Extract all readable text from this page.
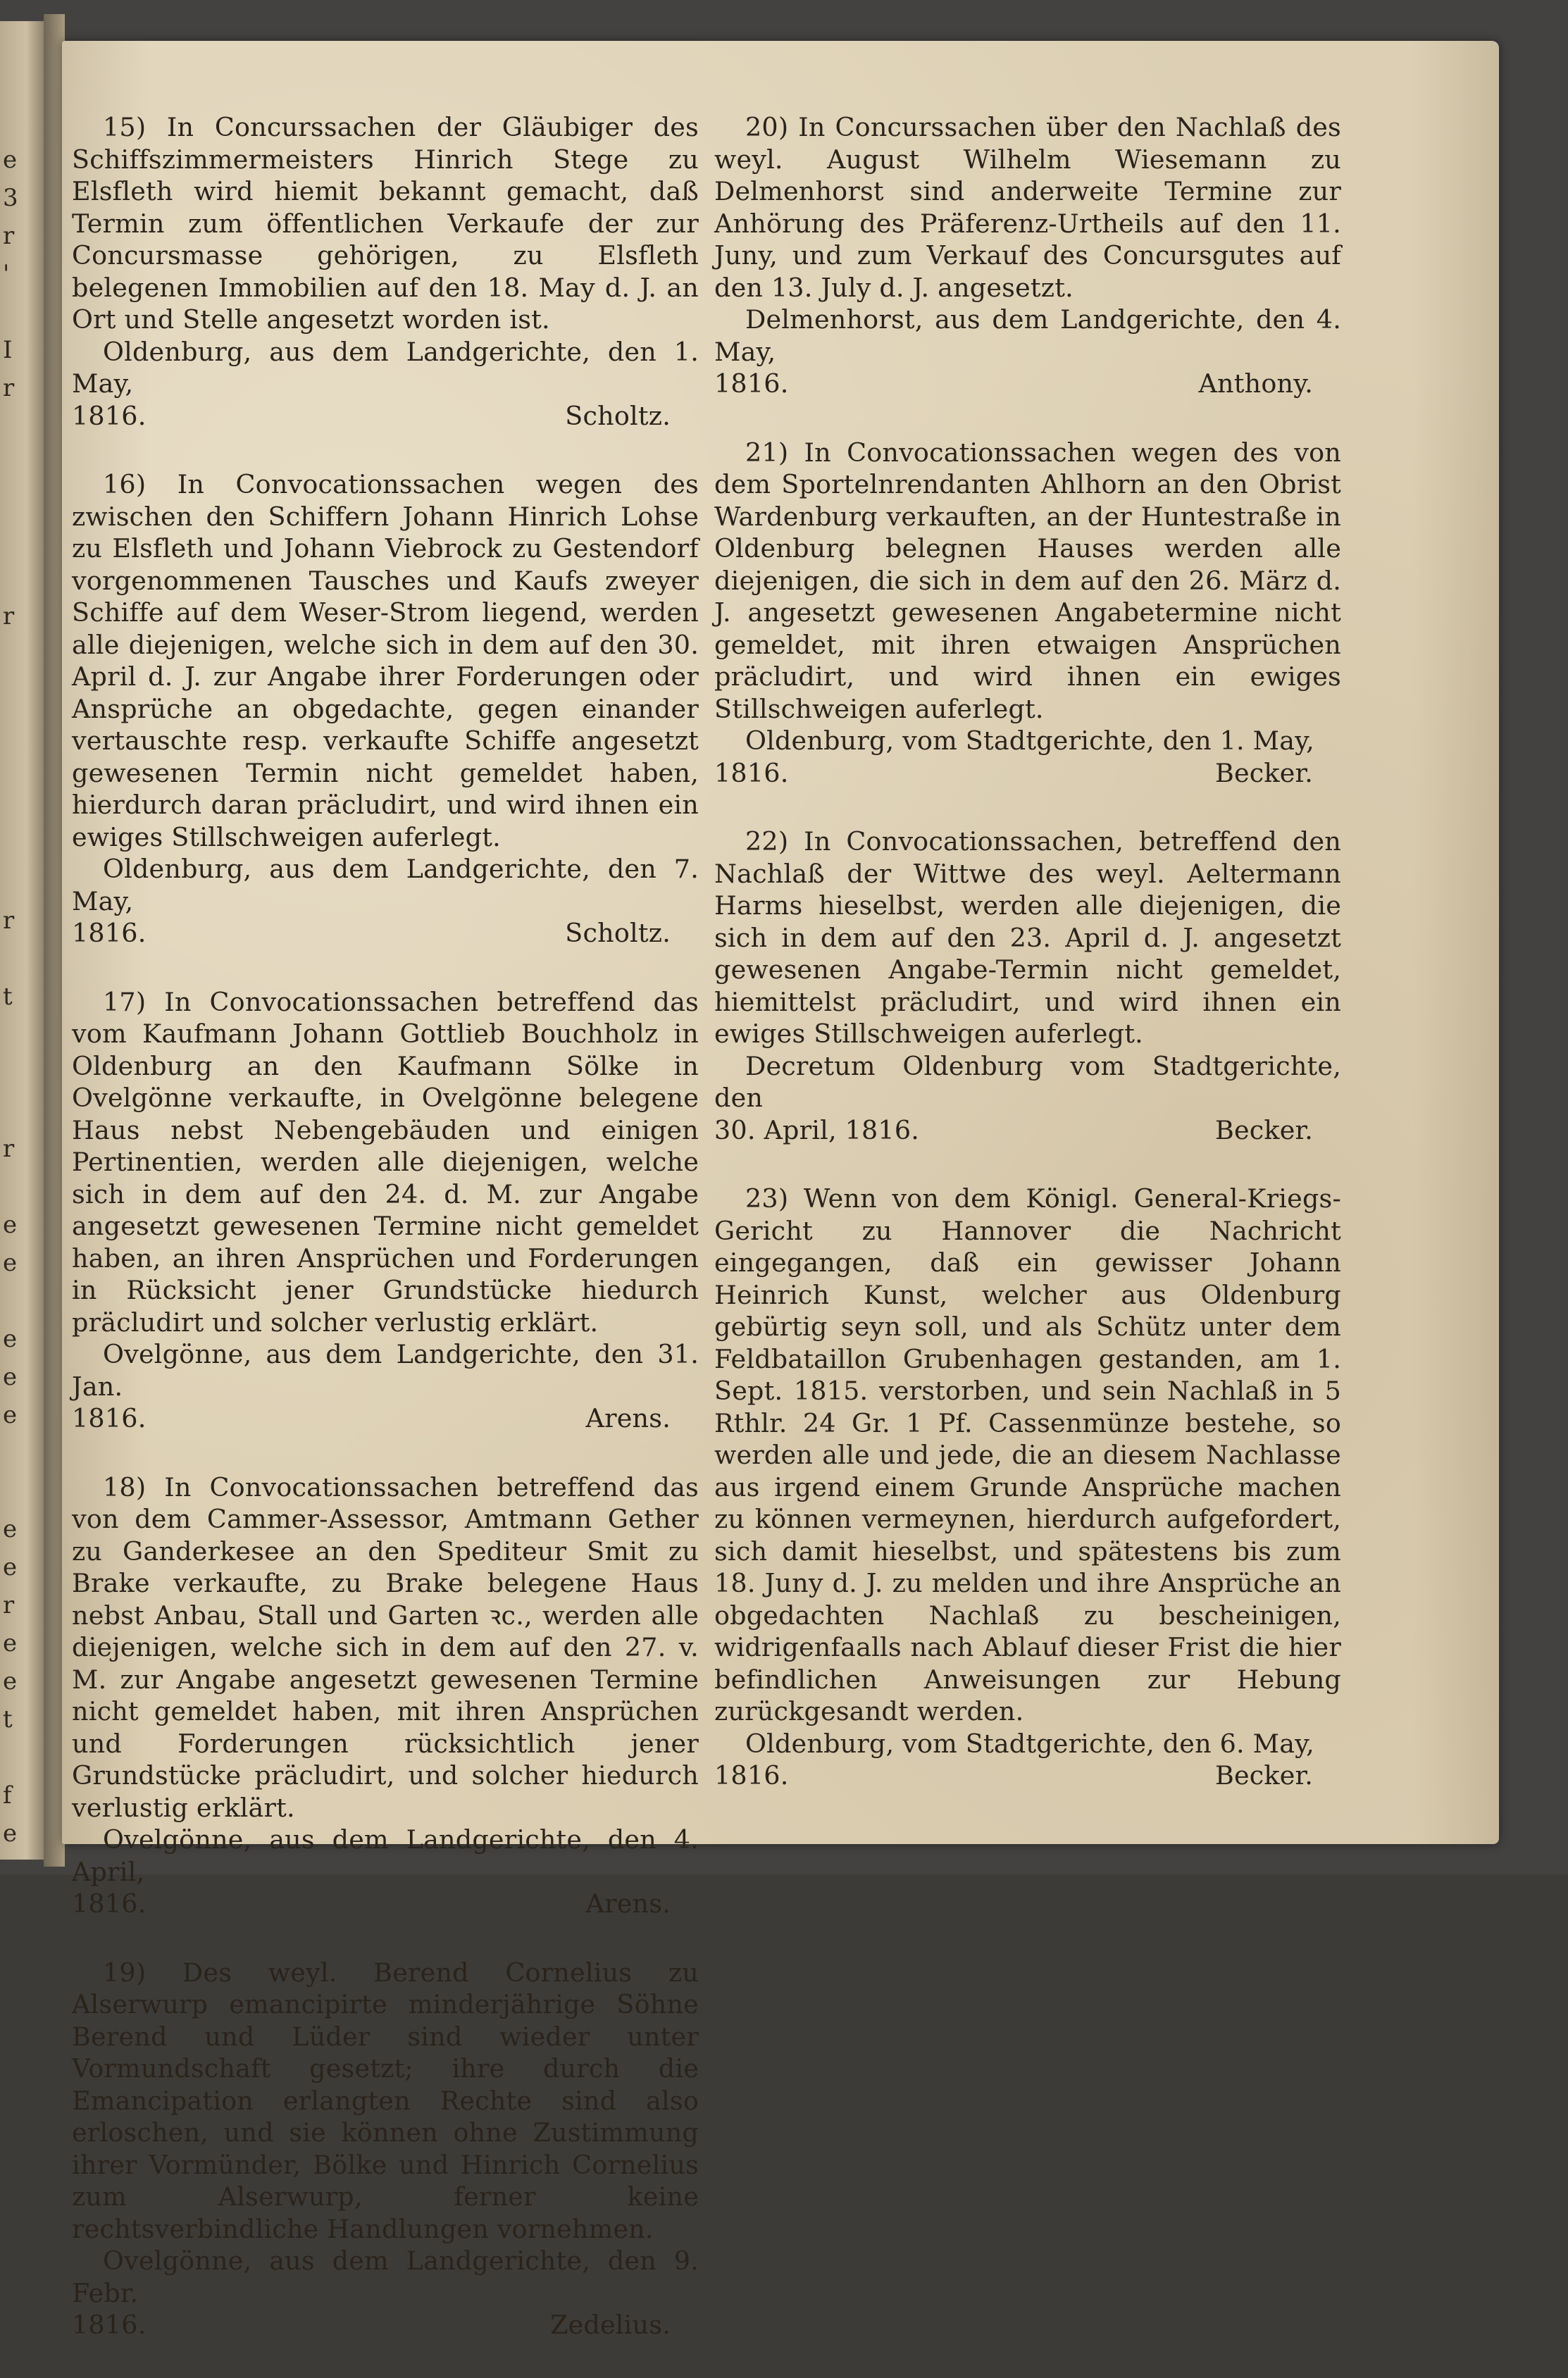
e
3
r
'

I
r

r

r

t

r

e
e

e
e
e

e
e
r
e
e
t

f
e

15) In Concurssachen der Gläubiger des Schiffszimmermeisters Hinrich Stege zu Elsfleth wird hiemit bekannt gemacht, daß Termin zum öffentlichen Verkaufe der zur Concursmasse gehörigen, zu Elsfleth belegenen Immobilien auf den 18. May d. J. an Ort und Stelle angesetzt worden ist.

Oldenburg, aus dem Landgerichte, den 1. May,

1816.	Scholtz.

16) In Convocationssachen wegen des zwischen den Schiffern Johann Hinrich Lohse zu Elsfleth und Johann Viebrock zu Gestendorf vorgenommenen Tausches und Kaufs zweyer Schiffe auf dem Weser-Strom liegend, werden alle diejenigen, welche sich in dem auf den 30. April d. J. zur Angabe ihrer Forderungen oder Ansprüche an obgedachte, gegen einander vertauschte resp. verkaufte Schiffe angesetzt gewesenen Termin nicht gemeldet haben, hierdurch daran präcludirt, und wird ihnen ein ewiges Stillschweigen auferlegt.

Oldenburg, aus dem Landgerichte, den 7. May,

1816.	Scholtz.

17) In Convocationssachen betreffend das vom Kaufmann Johann Gottlieb Bouchholz in Oldenburg an den Kaufmann Sölke in Ovelgönne verkaufte, in Ovelgönne belegene Haus nebst Nebengebäuden und einigen Pertinentien, werden alle diejenigen, welche sich in dem auf den 24. d. M. zur Angabe angesetzt gewesenen Termine nicht gemeldet haben, an ihren Ansprüchen und Forderungen in Rücksicht jener Grundstücke hiedurch präcludirt und solcher verlustig erklärt.

Ovelgönne, aus dem Landgerichte, den 31. Jan.

1816.	Arens.

18) In Convocationssachen betreffend das von dem Cammer-Assessor, Amtmann Gether zu Ganderkesee an den Spediteur Smit zu Brake verkaufte, zu Brake belegene Haus nebst Anbau, Stall und Garten ꝛc., werden alle diejenigen, welche sich in dem auf den 27. v. M. zur Angabe angesetzt gewesenen Termine nicht gemeldet haben, mit ihren Ansprüchen und Forderungen rücksichtlich jener Grundstücke präcludirt, und solcher hiedurch verlustig erklärt.

Ovelgönne, aus dem Landgerichte, den 4. April,

1816.	Arens.

19) Des weyl. Berend Cornelius zu Alserwurp emancipirte minderjährige Söhne Berend und Lüder sind wieder unter Vormundschaft gesetzt; ihre durch die Emancipation erlangten Rechte sind also erloschen, und sie können ohne Zustimmung ihrer Vormünder, Bölke und Hinrich Cornelius zum Alserwurp, ferner keine rechtsverbindliche Handlungen vornehmen.

Ovelgönne, aus dem Landgerichte, den 9. Febr.

1816.	Zedelius.

20) In Concurssachen über den Nachlaß des weyl. August Wilhelm Wiesemann zu Delmenhorst sind anderweite Termine zur Anhörung des Präferenz-Urtheils auf den 11. Juny, und zum Verkauf des Concursgutes auf den 13. July d. J. angesetzt.

Delmenhorst, aus dem Landgerichte, den 4. May,

1816.	Anthony.

21) In Convocationssachen wegen des von dem Sportelnrendanten Ahlhorn an den Obrist Wardenburg verkauften, an der Huntestraße in Oldenburg belegnen Hauses werden alle diejenigen, die sich in dem auf den 26. März d. J. angesetzt gewesenen Angabetermine nicht gemeldet, mit ihren etwaigen Ansprüchen präcludirt, und wird ihnen ein ewiges Stillschweigen auferlegt.

Oldenburg, vom Stadtgerichte, den 1. May,

1816.	Becker.

22) In Convocationssachen, betreffend den Nachlaß der Wittwe des weyl. Aeltermann Harms hieselbst, werden alle diejenigen, die sich in dem auf den 23. April d. J. angesetzt gewesenen Angabe-Termin nicht gemeldet, hiemittelst präcludirt, und wird ihnen ein ewiges Stillschweigen auferlegt.

Decretum Oldenburg vom Stadtgerichte, den

30. April, 1816.	Becker.

23) Wenn von dem Königl. General-Kriegs-Gericht zu Hannover die Nachricht eingegangen, daß ein gewisser Johann Heinrich Kunst, welcher aus Oldenburg gebürtig seyn soll, und als Schütz unter dem Feldbataillon Grubenhagen gestanden, am 1. Sept. 1815. verstorben, und sein Nachlaß in 5 Rthlr. 24 Gr. 1 Pf. Cassenmünze bestehe, so werden alle und jede, die an diesem Nachlasse aus irgend einem Grunde Ansprüche machen zu können vermeynen, hierdurch aufgefordert, sich damit hieselbst, und spätestens bis zum 18. Juny d. J. zu melden und ihre Ansprüche an obgedachten Nachlaß zu bescheinigen, widrigenfaalls nach Ablauf dieser Frist die hier befindlichen Anweisungen zur Hebung zurückgesandt werden.

Oldenburg, vom Stadtgerichte, den 6. May,

1816.	Becker.
